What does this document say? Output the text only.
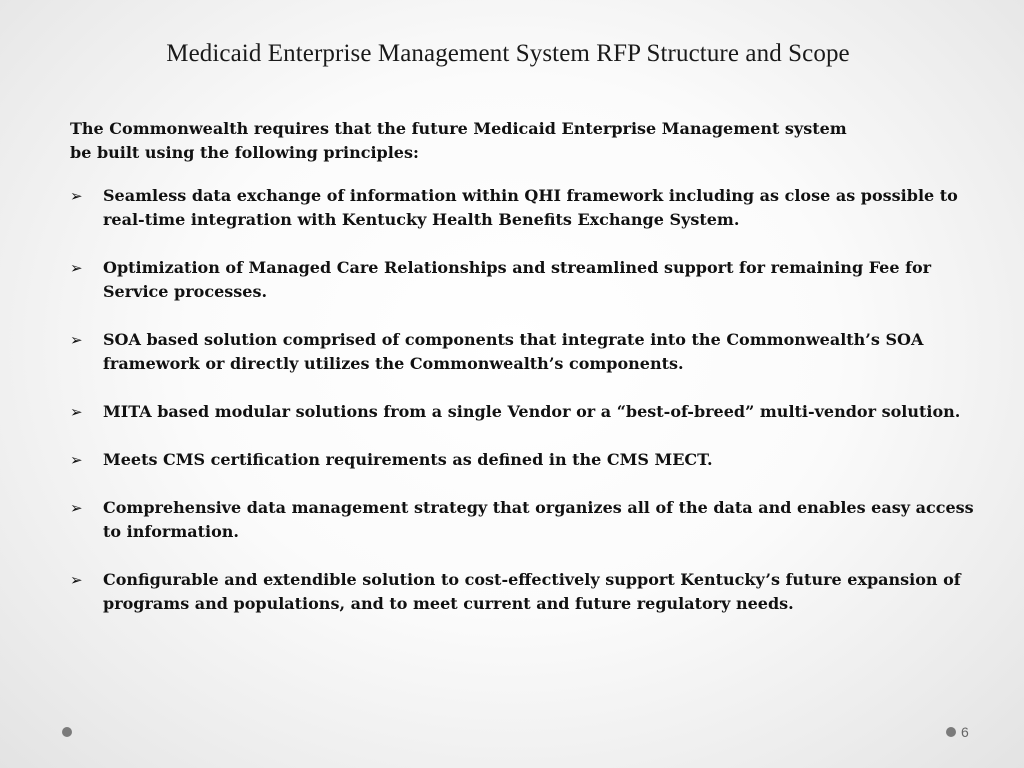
Medicaid Enterprise Management System RFP Structure and Scope
The Commonwealth requires that the future Medicaid Enterprise Management system
be built using the following principles:
➢ Seamless data exchange of information within QHI framework including as close as possible to real-time integration with Kentucky Health Benefits Exchange System.
➢ Optimization of Managed Care Relationships and streamlined support for remaining Fee for Service processes.
➢ SOA based solution comprised of components that integrate into the Commonwealth’s SOA framework or directly utilizes the Commonwealth’s components.
➢ MITA based modular solutions from a single Vendor or a “best-of-breed” multi-vendor solution.
➢ Meets CMS certification requirements as defined in the CMS MECT.
➢ Comprehensive data management strategy that organizes all of the data and enables easy access to information.
➢ Configurable and extendible solution to cost-effectively support Kentucky’s future expansion of programs and populations, and to meet current and future regulatory needs.
6
